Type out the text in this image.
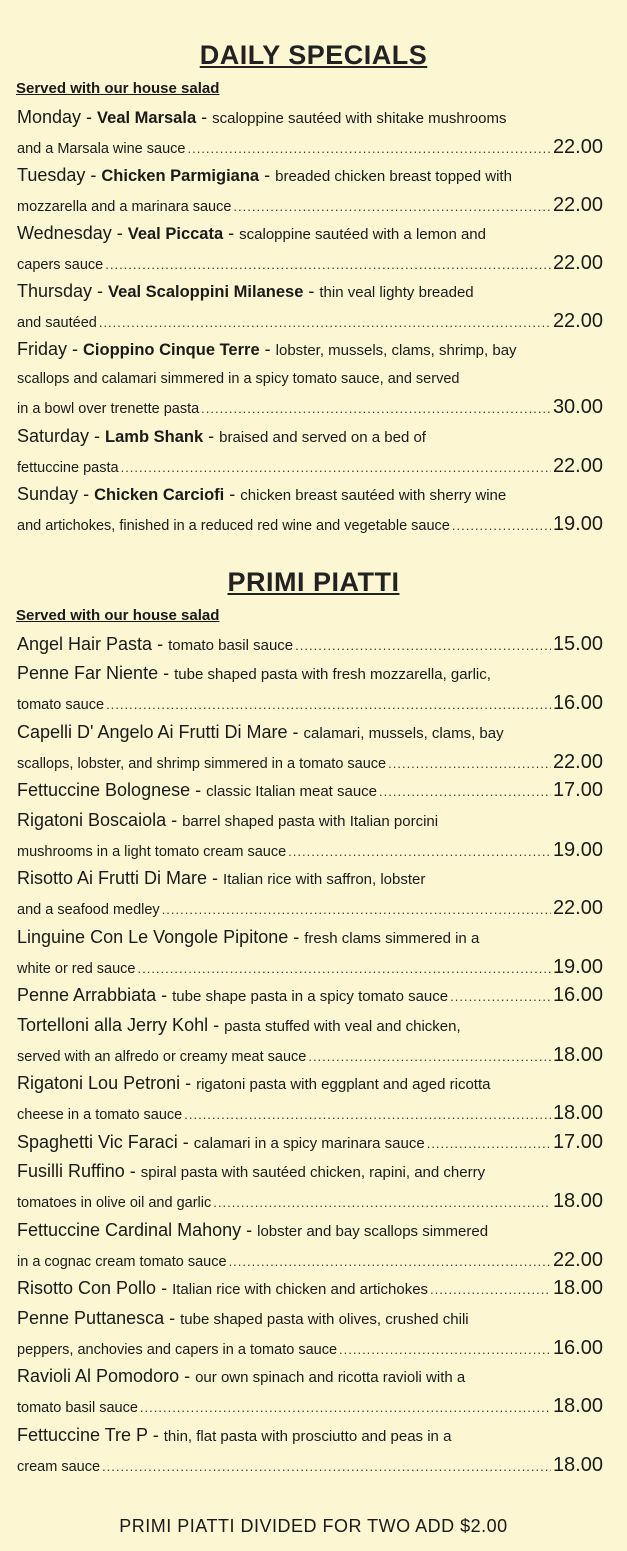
DAILY SPECIALS
Served with our house salad
Monday - Veal Marsala - scaloppine sautéed with shitake mushrooms
and a Marsala wine sauce .....	22.00
Tuesday - Chicken Parmigiana - breaded chicken breast topped with
mozzarella and a marinara sauce .....	22.00
Wednesday - Veal Piccata - scaloppine sautéed with a lemon and
capers sauce .....	22.00
Thursday - Veal Scaloppini Milanese - thin veal lighty breaded
and sautéed .....	22.00
Friday - Cioppino Cinque Terre - lobster, mussels, clams, shrimp, bay
scallops and calamari simmered in a spicy tomato sauce, and served
in a bowl over trenette pasta .....	30.00
Saturday - Lamb Shank - braised and served on a bed of
fettuccine pasta .....	22.00
Sunday - Chicken Carciofi - chicken breast sautéed with sherry wine
and artichokes, finished in a reduced red wine and vegetable sauce .....	19.00
PRIMI PIATTI
Served with our house salad
Angel Hair Pasta - tomato basil sauce .....	15.00
Penne Far Niente - tube shaped pasta with fresh mozzarella, garlic,
tomato sauce .....	16.00
Capelli D' Angelo Ai Frutti Di Mare - calamari, mussels, clams, bay
scallops, lobster, and shrimp simmered in a tomato sauce .....	22.00
Fettuccine Bolognese - classic Italian meat sauce .....	17.00
Rigatoni Boscaiola - barrel shaped pasta with Italian porcini
mushrooms in a light tomato cream sauce .....	19.00
Risotto Ai Frutti Di Mare - Italian rice with saffron, lobster
and a seafood medley .....	22.00
Linguine Con Le Vongole Pipitone - fresh clams simmered in a
white or red sauce .....	19.00
Penne Arrabbiata - tube shape pasta in a spicy tomato sauce .....	16.00
Tortelloni alla Jerry Kohl - pasta stuffed with veal and chicken,
served with an alfredo or creamy meat sauce .....	18.00
Rigatoni Lou Petroni - rigatoni pasta with eggplant and aged ricotta
cheese in a tomato sauce .....	18.00
Spaghetti Vic Faraci - calamari in a spicy marinara sauce .....	17.00
Fusilli Ruffino - spiral pasta with sautéed chicken, rapini, and cherry
tomatoes in olive oil and garlic .....	18.00
Fettuccine Cardinal Mahony - lobster and bay scallops simmered
in a cognac cream tomato sauce .....	22.00
Risotto Con Pollo - Italian rice with chicken and artichokes .....	18.00
Penne Puttanesca - tube shaped pasta with olives, crushed chili
peppers, anchovies and capers in a tomato sauce .....	16.00
Ravioli Al Pomodoro - our own spinach and ricotta ravioli with a
tomato basil sauce .....	18.00
Fettuccine Tre P - thin, flat pasta with prosciutto and peas in a
cream sauce .....	18.00
PRIMI PIATTI DIVIDED FOR TWO ADD $2.00
